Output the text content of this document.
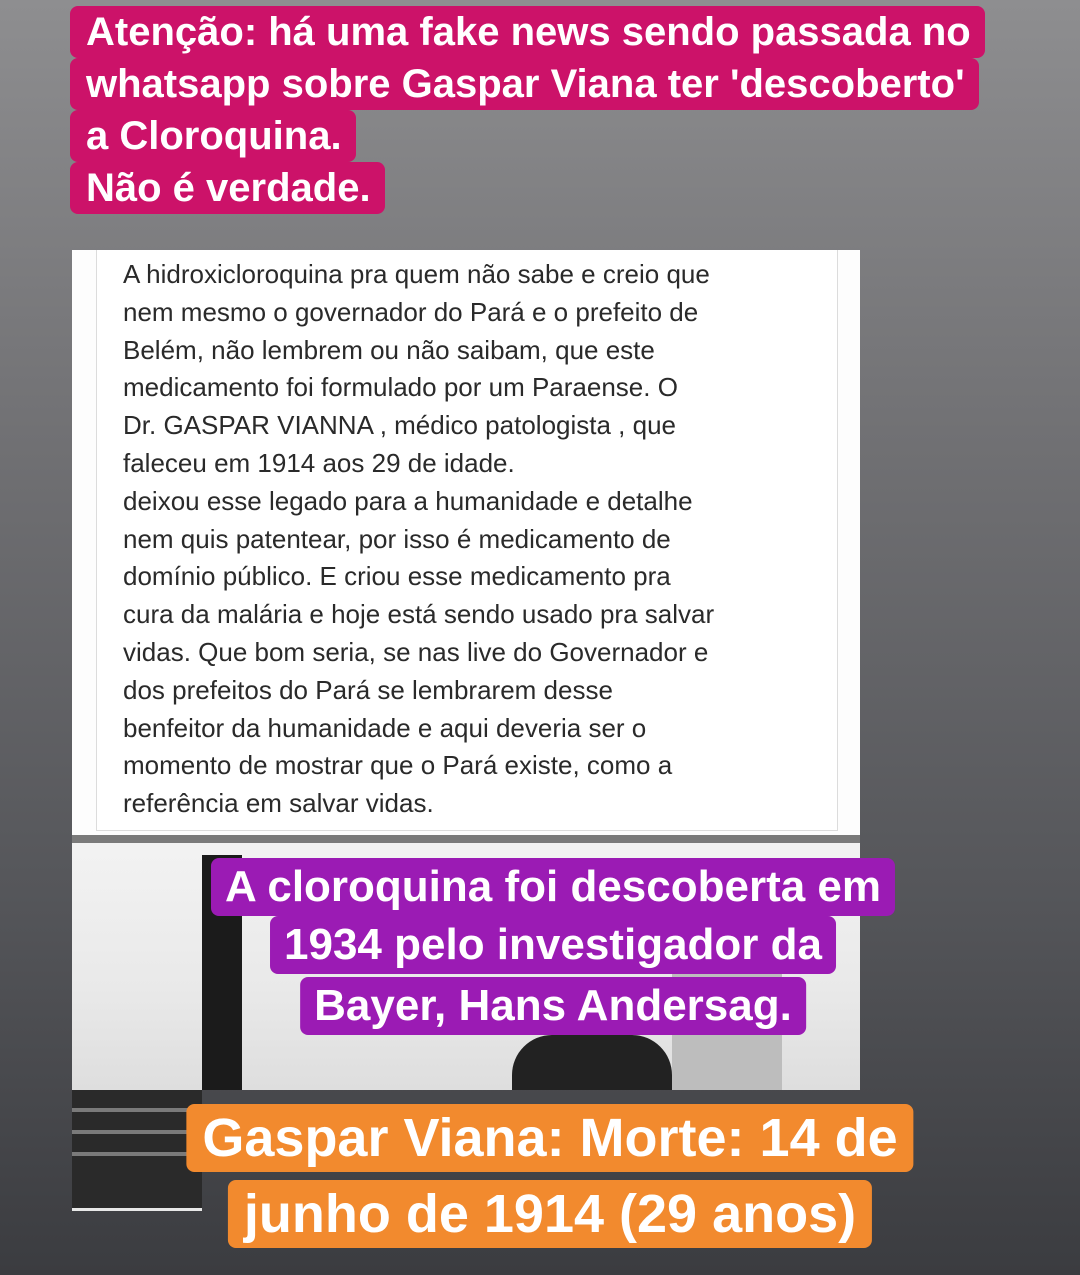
A hidroxicloroquina pra quem não sabe e creio que
nem mesmo o governador do Pará e o prefeito de
Belém, não lembrem ou não saibam, que este
medicamento foi formulado por um Paraense. O
Dr. GASPAR VIANNA , médico patologista , que
faleceu em 1914 aos 29 de idade.
deixou esse legado para a humanidade e detalhe
nem quis patentear, por isso é medicamento de
domínio público. E criou esse medicamento pra
cura da malária e hoje está sendo usado pra salvar
vidas. Que bom seria, se nas live do Governador e
dos prefeitos do Pará se lembrarem desse
benfeitor da humanidade e aqui deveria ser o
momento de mostrar que o Pará existe, como a
referência em salvar vidas.

Atenção: há uma fake news sendo passada no
whatsapp sobre Gaspar Viana ter 'descoberto'
a Cloroquina.
Não é verdade.
A cloroquina foi descoberta em
1934 pelo investigador da
Bayer, Hans Andersag.
Gaspar Viana: Morte: 14 de
junho de 1914 (29 anos)
